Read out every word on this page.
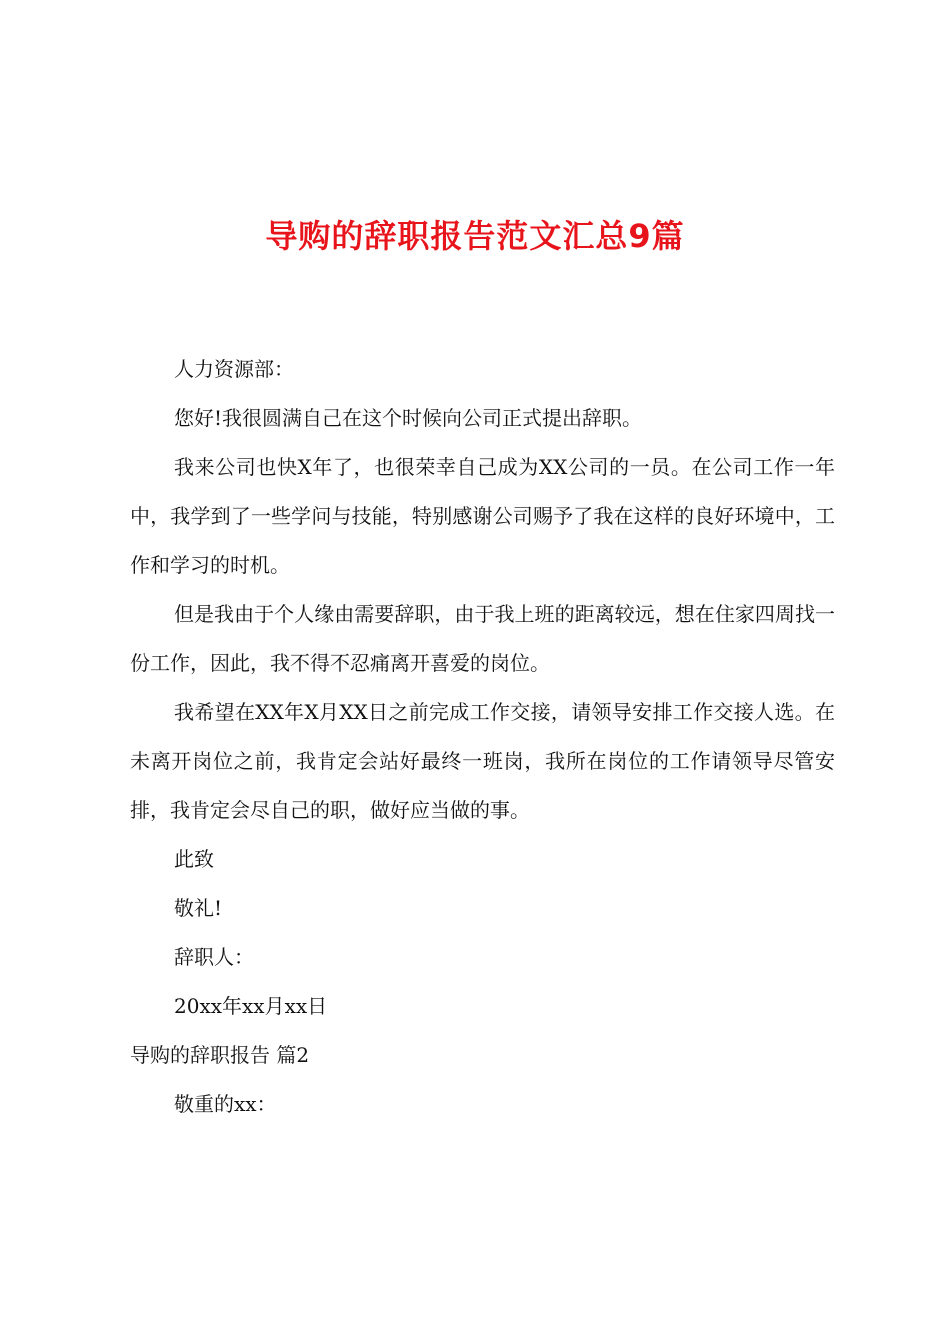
导购的辞职报告范文汇总9篇

人力资源部：

您好!我很圆满自己在这个时候向公司正式提出辞职。

我来公司也快X年了，也很荣幸自己成为XX公司的一员。在公司工作一年中，我学到了一些学问与技能，特别感谢公司赐予了我在这样的良好环境中，工作和学习的时机。

但是我由于个人缘由需要辞职，由于我上班的距离较远，想在住家四周找一份工作，因此，我不得不忍痛离开喜爱的岗位。

我希望在XX年X月XX日之前完成工作交接，请领导安排工作交接人选。在未离开岗位之前，我肯定会站好最终一班岗，我所在岗位的工作请领导尽管安排，我肯定会尽自己的职，做好应当做的事。

此致

敬礼!

辞职人：

20xx年xx月xx日

导购的辞职报告 篇2

敬重的xx：
